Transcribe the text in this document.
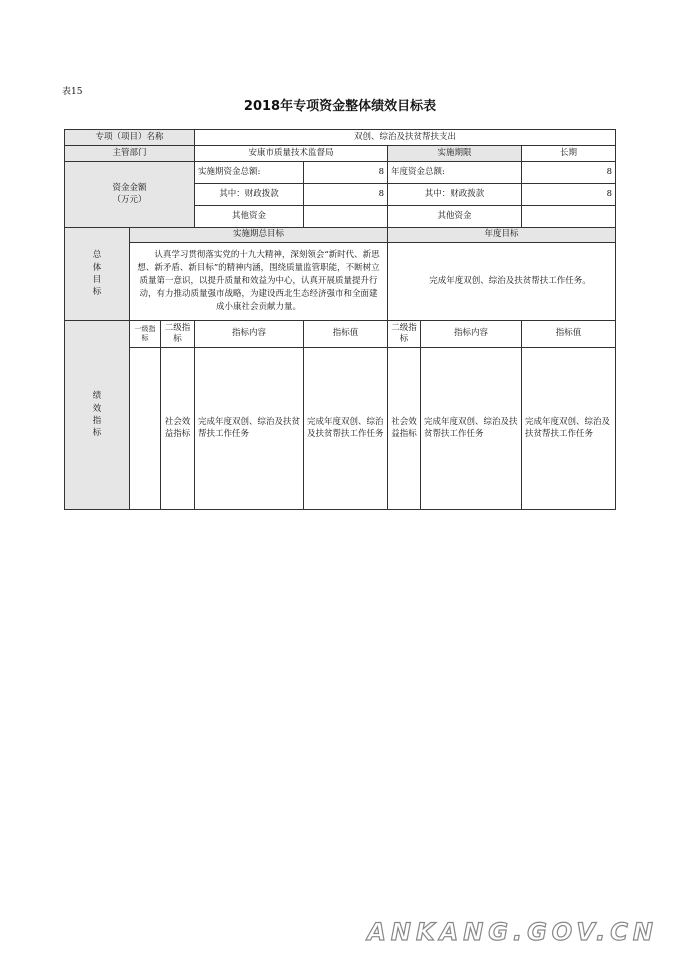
表15
2018年专项资金整体绩效目标表
专项（项目）名称			双创、综治及扶贫帮扶支出				
主管部门			安康市质量技术监督局		实施期限		长期

资金金额
（万元）			实施期资金总额:	8	年度资金总额:		8
			其中：财政拨款	8	其中：财政拨款		8
			其他资金		其他资金		

总
体
目
标	实施期总目标				年度目标		
	认真学习贯彻落实党的十九大精神，深刻领会“新时代、新思想、新矛盾、新目标”的精神内涵，围绕质量监管职能，不断树立质量第一意识，以提升质量和效益为中心，认真开展质量提升行动，有力推动质量强市战略，为建设西北生态经济强市和全面建成小康社会贡献力量。				完成年度双创、综治及扶贫帮扶工作任务。		

绩
效
指
标	一级指标	二级指标	指标内容	指标值	二级指标	指标内容	指标值
		社会效益指标	完成年度双创、综治及扶贫帮扶工作任务	完成年度双创、综治及扶贫帮扶工作任务	社会效益指标	完成年度双创、综治及扶贫帮扶工作任务	完成年度双创、综治及扶贫帮扶工作任务
ANKANG.GOV.CN
